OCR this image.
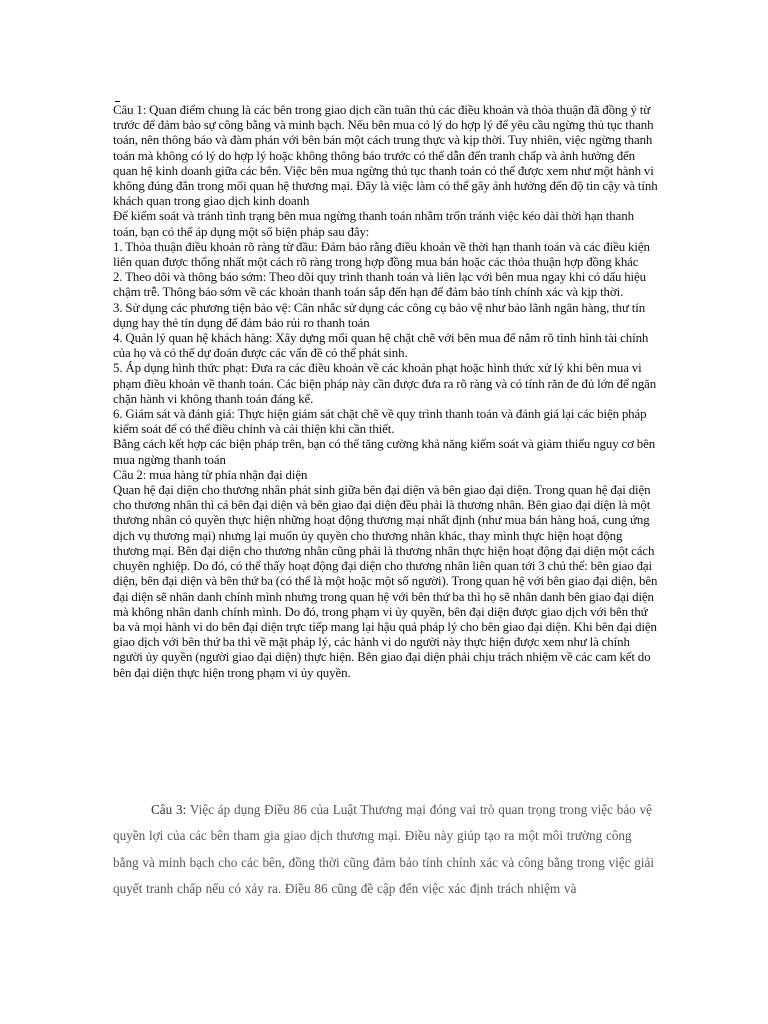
Câu 1: Quan điểm chung là các bên trong giao dịch cần tuân thủ các điều khoản và thỏa thuận đã đồng ý từ trước để đảm bảo sự công bằng và minh bạch. Nếu bên mua có lý do hợp lý để yêu cầu ngừng thủ tục thanh toán, nên thông báo và đàm phán với bên bán một cách trung thực và kịp thời. Tuy nhiên, việc ngừng thanh toán mà không có lý do hợp lý hoặc không thông báo trước có thể dẫn đến tranh chấp và ảnh hưởng đến quan hệ kinh doanh giữa các bên. Việc bên mua ngừng thủ tục thanh toán có thể được xem như một hành vi không đúng đắn trong mối quan hệ thương mại. Đây là việc làm có thể gây ảnh hưởng đến độ tin cậy và tính khách quan trong giao dịch kinh doanh

Để kiểm soát và tránh tình trạng bên mua ngừng thanh toán nhằm trốn tránh việc kéo dài thời hạn thanh toán, bạn có thể áp dụng một số biện pháp sau đây:

1. Thỏa thuận điều khoản rõ ràng từ đầu: Đảm bảo rằng điều khoản về thời hạn thanh toán và các điều kiện liên quan được thống nhất một cách rõ ràng trong hợp đồng mua bán hoặc các thỏa thuận hợp đồng khác

2. Theo dõi và thông báo sớm: Theo dõi quy trình thanh toán và liên lạc với bên mua ngay khi có dấu hiệu chậm trễ. Thông báo sớm về các khoản thanh toán sắp đến hạn để đảm bảo tính chính xác và kịp thời.

3. Sử dụng các phương tiện bảo vệ: Cân nhắc sử dụng các công cụ bảo vệ như bảo lãnh ngân hàng, thư tín dụng hay thẻ tín dụng để đảm bảo rủi ro thanh toán

4. Quản lý quan hệ khách hàng: Xây dựng mối quan hệ chặt chẽ với bên mua để nắm rõ tình hình tài chính của họ và có thể dự đoán được các vấn đề có thể phát sinh.

5. Áp dụng hình thức phạt: Đưa ra các điều khoản về các khoản phạt hoặc hình thức xử lý khi bên mua vi phạm điều khoản về thanh toán. Các biện pháp này cần được đưa ra rõ ràng và có tính răn đe đủ lớn để ngăn chặn hành vi không thanh toán đáng kể.

6. Giám sát và đánh giá: Thực hiện giám sát chặt chẽ về quy trình thanh toán và đánh giá lại các biện pháp kiểm soát để có thể điều chỉnh và cải thiện khi cần thiết.

Bằng cách kết hợp các biện pháp trên, bạn có thể tăng cường khả năng kiểm soát và giảm thiểu nguy cơ bên mua ngừng thanh toán

Câu 2: mua hàng từ phía nhận đại diện

Quan hệ đại diện cho thương nhân phát sinh giữa bên đại diện và bên giao đại diện. Trong quan hệ đại diện cho thương nhân thì cả bên đại diện và bên giao đại diện đều phải là thương nhân. Bên giao đại diện là một thương nhân có quyền thực hiện những hoạt động thương mại nhất định (như mua bán hàng hoá, cung ứng dịch vụ thương mại) nhưng lại muốn ủy quyền cho thương nhân khác, thay mình thực hiện hoạt động thương mại. Bên đại diện cho thương nhân cũng phải là thương nhân thực hiện hoạt động đại diện một cách chuyên nghiệp. Do đó, có thể thấy hoạt động đại diện cho thương nhân liên quan tới 3 chủ thể: bên giao đại diện, bên đại diện và bên thứ ba (có thể là một hoặc một số người). Trong quan hệ với bên giao đại diện, bên đại diện sẽ nhân danh chính mình nhưng trong quan hệ với bên thứ ba thì họ sẽ nhân danh bên giao đại diện mà không nhân danh chính mình. Do đó, trong phạm vi ủy quyền, bên đại diện được giao dịch với bên thứ ba và mọi hành vi do bên đại diện trực tiếp mang lại hậu quả pháp lý cho bên giao đại diện. Khi bên đại diện giao dịch với bên thứ ba thì về mặt pháp lý, các hành vi do người này thực hiện được xem như là chính người ủy quyền (người giao đại diện) thực hiện. Bên giao đại diện phải chịu trách nhiệm về các cam kết do bên đại diện thực hiện trong phạm vi ủy quyền.

Câu 3: Việc áp dụng Điều 86 của Luật Thương mại đóng vai trò quan trọng trong việc bảo vệ quyền lợi của các bên tham gia giao dịch thương mại. Điều này giúp tạo ra một môi trường công bằng và minh bạch cho các bên, đồng thời cũng đảm bảo tính chính xác và công bằng trong việc giải quyết tranh chấp nếu có xảy ra. Điều 86 cũng đề cập đến việc xác định trách nhiệm và
